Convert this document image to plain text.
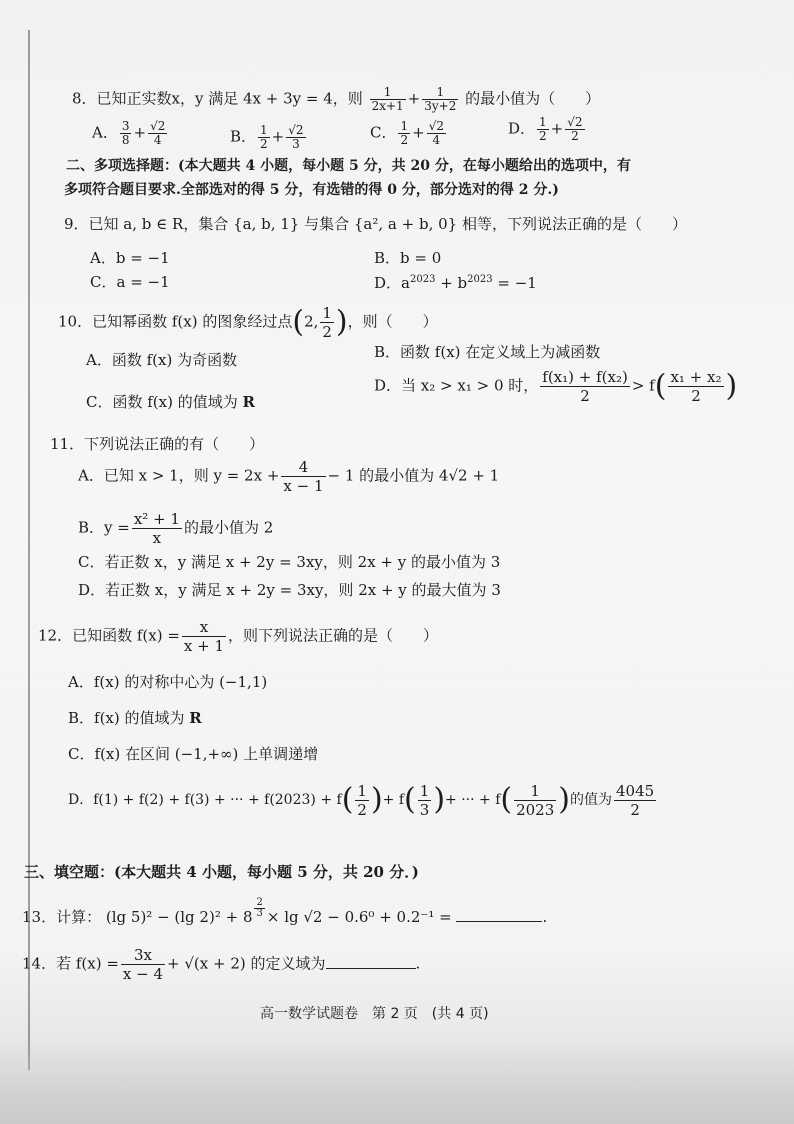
8．已知正实数x，y 满足 4x + 3y = 4，则 $\frac{1}{2x+1} + \frac{1}{3y+2}$ 的最小值为（　　）
A． $\frac{3}{8} + \frac{√2}{4}$	B． $\frac{1}{2} + \frac{√2}{3}$	C． $\frac{1}{2} + \frac{√2}{4}$	D． $\frac{1}{2} + \frac{√2}{2}$
二、多项选择题：(本大题共 4 小题，每小题 5 分，共 20 分，在每小题给出的选项中，有
多项符合题目要求.全部选对的得 5 分，有选错的得 0 分，部分选对的得 2 分.)
9．已知 a, b ∈ R，集合 {a, b, 1} 与集合 {a², a + b, 0} 相等，下列说法正确的是（　　）
A．b = −1	B．b = 0
C．a = −1	D．$a^{2023} + b^{2023} = -1$
10．已知幂函数 f(x) 的图象经过点(2, $\frac{1}{2}$ )，则（　　）
A．函数 f(x) 为奇函数	B．函数 f(x) 在定义域上为减函数
C．函数 f(x) 的值域为 R
D．当 x₂ > x₁ > 0 时， $\frac{\text{f(x₁) + f(x₂)}}{2} > f( \frac{\text{x₁ + x₂}}{2}$ )
11．下列说法正确的有（　　）
A．已知 x > 1，则 $y = 2x + \frac{4}{x - 1} - 1$ 的最小值为 4√2 + 1
B．$y = \frac{\text{x² + 1}}{x}$ 的最小值为 2
C．若正数 x，y 满足 x + 2y = 3xy，则 2x + y 的最小值为 3
D．若正数 x，y 满足 x + 2y = 3xy，则 2x + y 的最大值为 3
12．已知函数 $f(x) = \frac{x}{x + 1}$ ，则下列说法正确的是（　　）
A．f(x) 的对称中心为 (−1,1)
B．f(x) 的值域为 R
C．f(x) 在区间 (−1,+∞) 上单调递增
D．f(1) + f(2) + f(3) + ··· + $f(2023) + f( \frac{1}{2}$ )+ $f( \frac{1}{3}$ )+ ··· + $f( \frac{1}{2023}$ )的值为 $\frac{4045}{2}$
三、填空题：(本大题共 4 小题，每小题 5 分，共 20 分．)
13．计算： (lg 5)² − (lg $2)^2 + 8 \frac{2}{3} \times \lg √2 - 0.6^0 + 0.2^{-1}$ =	.
14．若 $f(x) = \frac{3x}{x - 4} + √(x + 2)$ 的定义域为	.
高一数学试题卷　第 2 页　(共 4 页)
